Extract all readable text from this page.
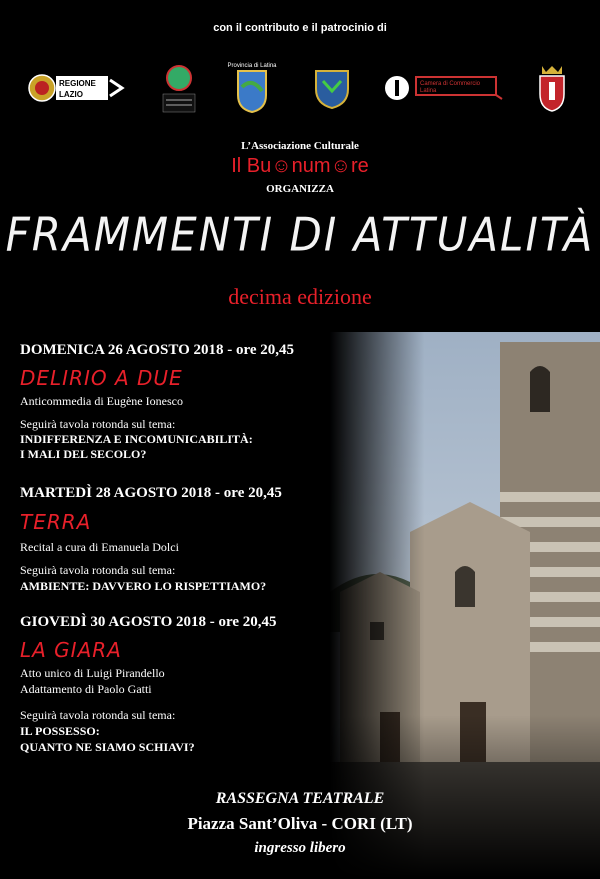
con il contributo e il patrocinio di
REGIONE
LAZIO
Provincia di Latina
Camera di Commercio
Latina
L’Associazione Culturale
Il Bu☺num☺re
ORGANIZZA
FRAMMENTI DI ATTUALITÀ
decima edizione
DOMENICA 26 AGOSTO 2018 - ore 20,45
DELIRIO A DUE
Anticommedia di Eugène Ionesco
Seguirà tavola rotonda sul tema:
INDIFFERENZA E INCOMUNICABILITÀ:
I MALI DEL SECOLO?
MARTEDÌ 28 AGOSTO 2018 - ore 20,45
TERRA
Recital a cura di Emanuela Dolci
Seguirà tavola rotonda sul tema:
AMBIENTE: DAVVERO LO RISPETTIAMO?
GIOVEDÌ 30 AGOSTO 2018 - ore 20,45
LA GIARA
Atto unico di Luigi Pirandello
Adattamento di Paolo Gatti
Seguirà tavola rotonda sul tema:
IL POSSESSO:
QUANTO NE SIAMO SCHIAVI?
RASSEGNA TEATRALE
Piazza Sant’Oliva - CORI (LT)
ingresso libero
